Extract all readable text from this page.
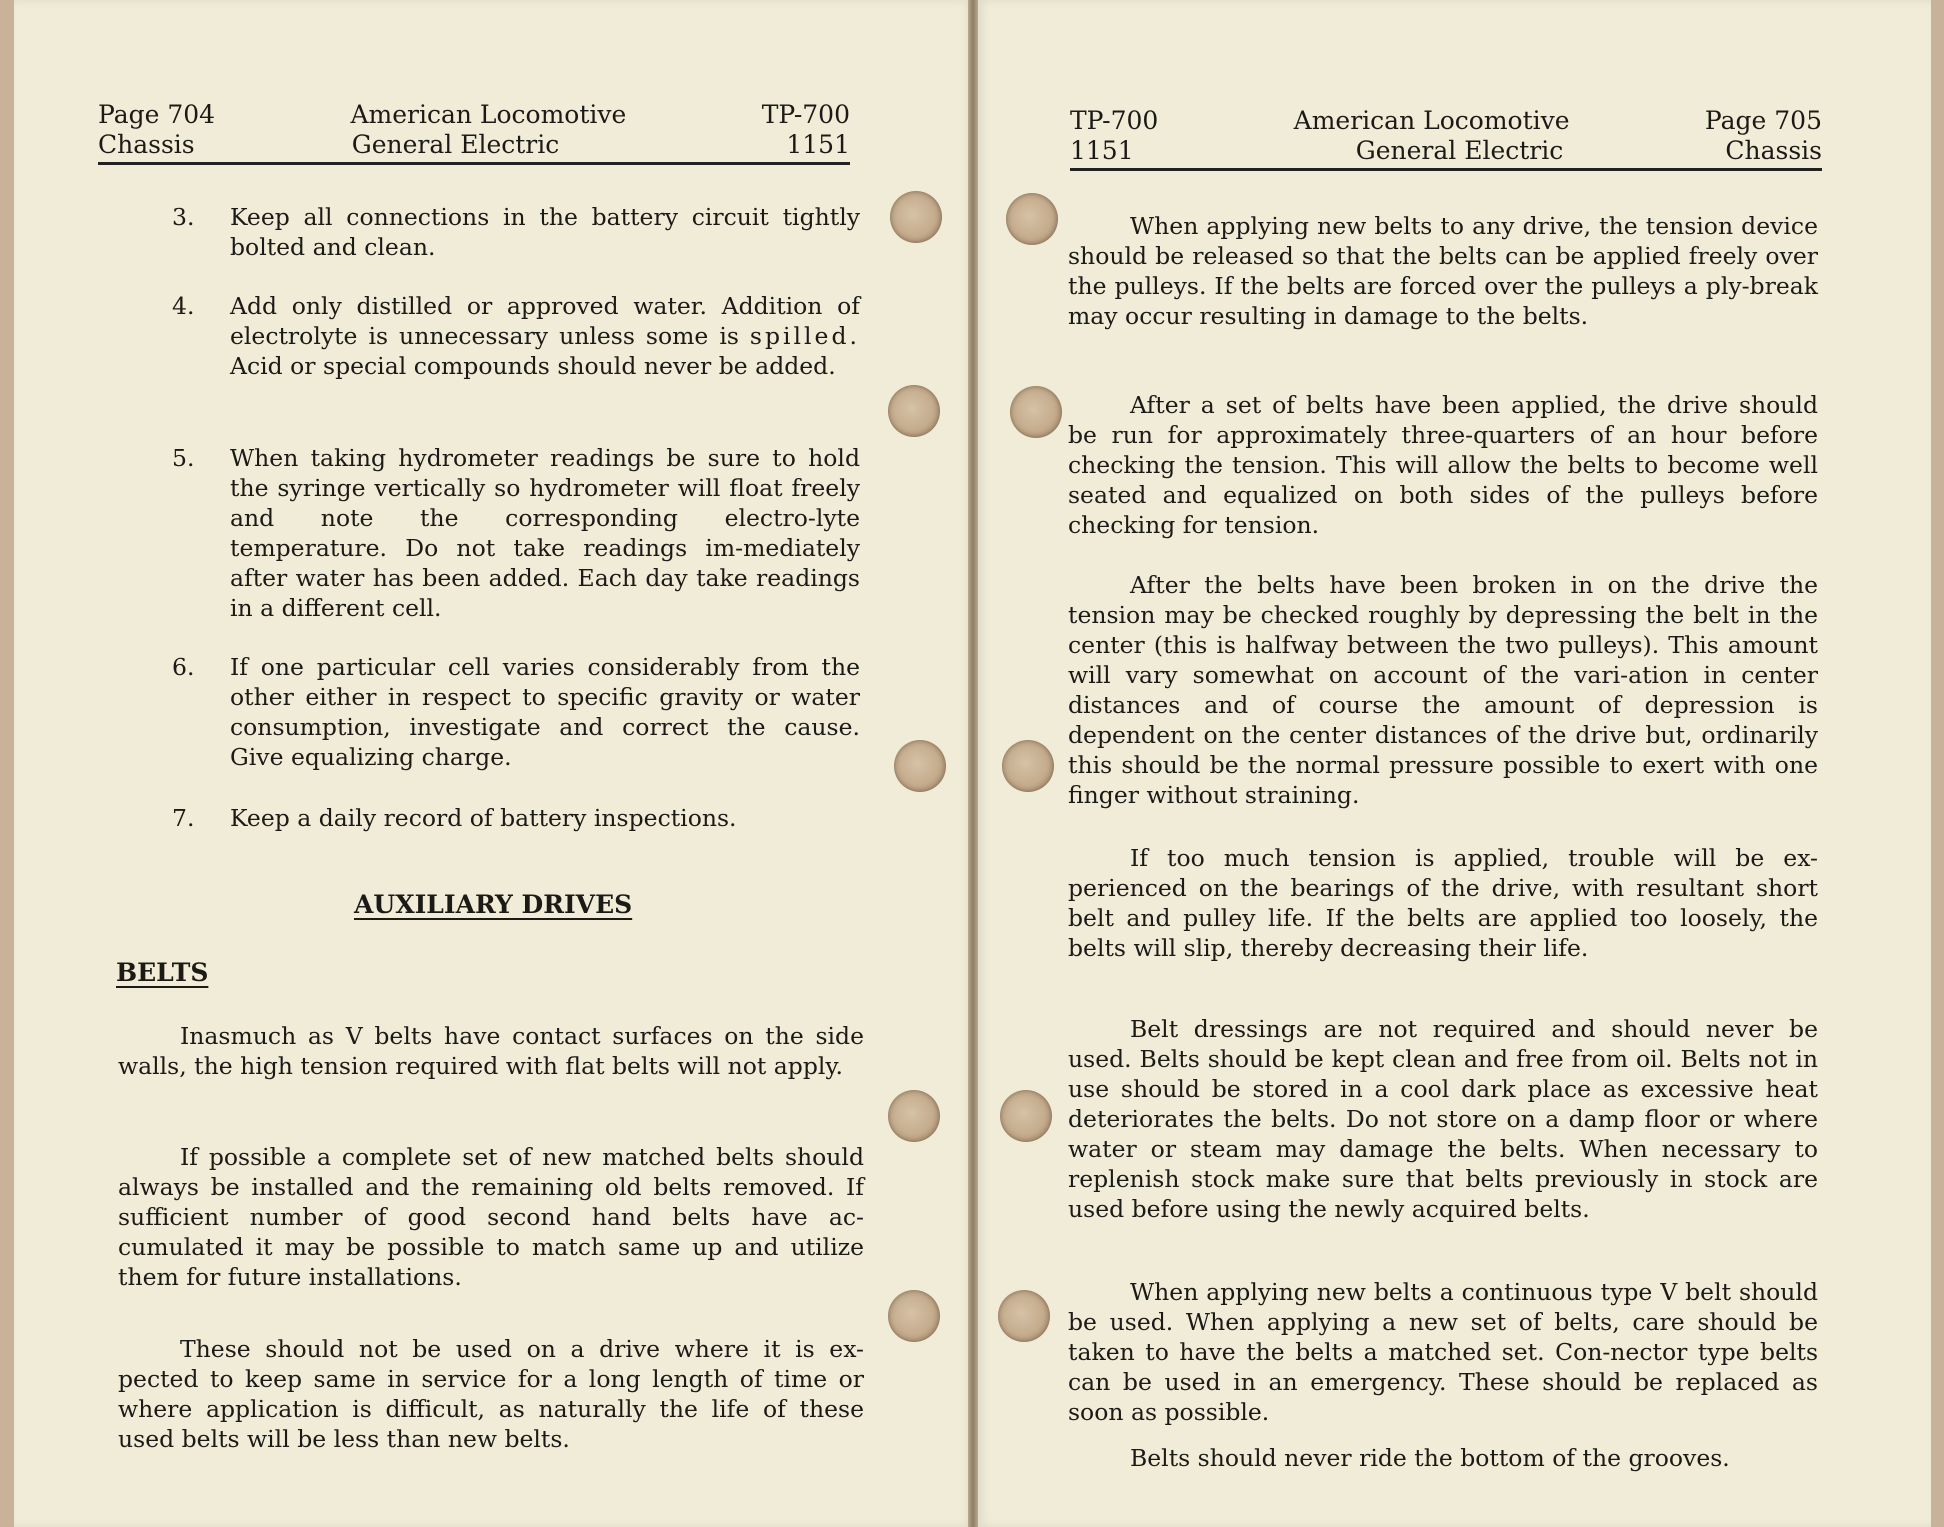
Page 704	American Locomotive	TP-700
Chassis	General Electric	1151
3. Keep all connections in the battery circuit tightly bolted and clean.

4. Add only distilled or approved water. Addition of electrolyte is unnecessary unless some is spilled. Acid or special compounds should never be added.

5. When taking hydrometer readings be sure to hold the syringe vertically so hydrometer will float freely and note the corresponding electro-lyte temperature. Do not take readings im-mediately after water has been added. Each day take readings in a different cell.

6. If one particular cell varies considerably from the other either in respect to specific gravity or water consumption, investigate and correct the cause. Give equalizing charge.

7. Keep a daily record of battery inspections.

AUXILIARY DRIVES
BELTS

Inasmuch as V belts have contact surfaces on the side walls, the high tension required with flat belts will not apply.

If possible a complete set of new matched belts should always be installed and the remaining old belts removed. If sufficient number of good second hand belts have ac-cumulated it may be possible to match same up and utilize them for future installations.

These should not be used on a drive where it is ex-pected to keep same in service for a long length of time or where application is difficult, as naturally the life of these used belts will be less than new belts.

TP-700	American Locomotive	Page 705
1151	General Electric	Chassis

When applying new belts to any drive, the tension device should be released so that the belts can be applied freely over the pulleys. If the belts are forced over the pulleys a ply-break may occur resulting in damage to the belts.

After a set of belts have been applied, the drive should be run for approximately three-quarters of an hour before checking the tension. This will allow the belts to become well seated and equalized on both sides of the pulleys before checking for tension.

After the belts have been broken in on the drive the tension may be checked roughly by depressing the belt in the center (this is halfway between the two pulleys). This amount will vary somewhat on account of the vari-ation in center distances and of course the amount of depression is dependent on the center distances of the drive but, ordinarily this should be the normal pressure possible to exert with one finger without straining.

If too much tension is applied, trouble will be ex-perienced on the bearings of the drive, with resultant short belt and pulley life. If the belts are applied too loosely, the belts will slip, thereby decreasing their life.

Belt dressings are not required and should never be used. Belts should be kept clean and free from oil. Belts not in use should be stored in a cool dark place as excessive heat deteriorates the belts. Do not store on a damp floor or where water or steam may damage the belts. When necessary to replenish stock make sure that belts previously in stock are used before using the newly acquired belts.

When applying new belts a continuous type V belt should be used. When applying a new set of belts, care should be taken to have the belts a matched set. Con-nector type belts can be used in an emergency. These should be replaced as soon as possible.

Belts should never ride the bottom of the grooves.
